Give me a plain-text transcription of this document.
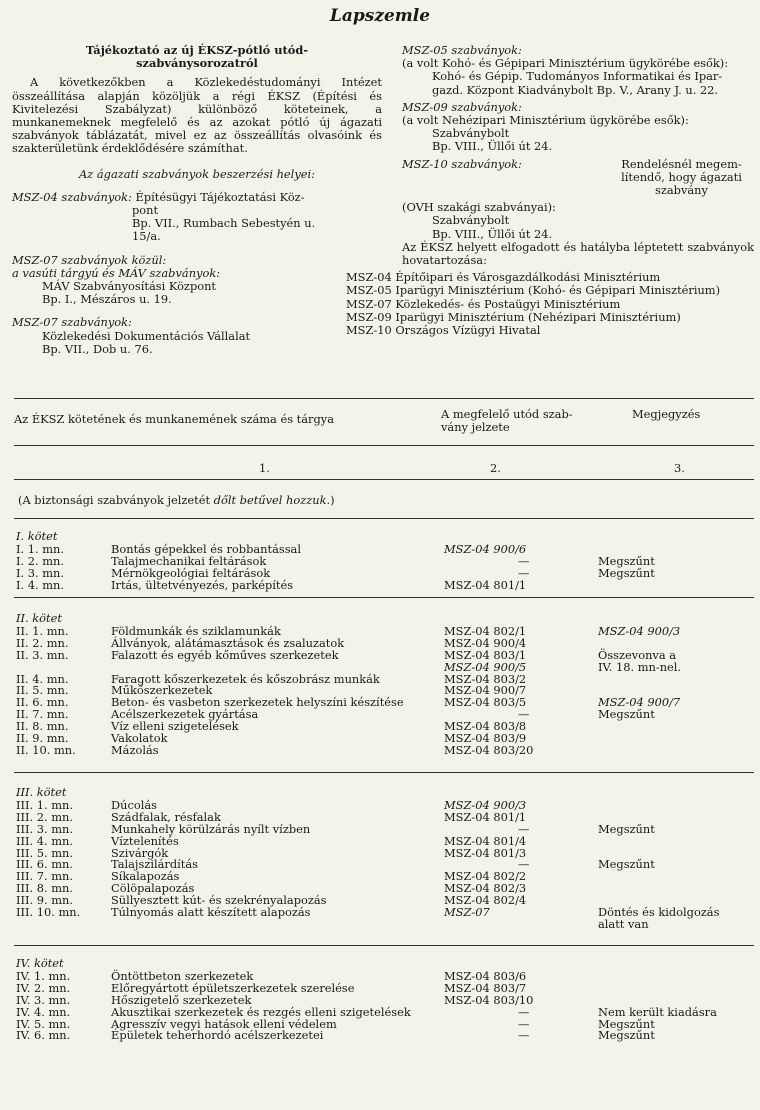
Lapszemle
Tájékoztató az új ÉKSZ-pótló utód-
szabványsorozatról
A következőkben a Közlekedéstudományi Intézet összeállítása alapján közöljük a régi ÉKSZ (Építési és Kivitelezési Szabályzat) különböző köteteinek, a munkanemeknek megfelelő és az azokat pótló új ágazati szabványok táblázatát, mivel ez az összeállítás olvasóink és szakterületünk érdeklődésére számíthat.
Az ágazati szabványok beszerzési helyei:
MSZ-04 szabványok: Építésügyi Tájékoztatási Köz-
pont
Bp. VII., Rumbach Sebestyén u.
15/a.
MSZ-07 szabványok közül:
a vasúti tárgyú és MÁV szabványok:
MÁV Szabványosítási Központ
Bp. I., Mészáros u. 19.
MSZ-07 szabványok:
Közlekedési Dokumentációs Vállalat
Bp. VII., Dob u. 76.
MSZ-05 szabványok:
(a volt Kohó- és Gépipari Minisztérium ügykörébe esők):
Kohó- és Gépip. Tudományos Informatikai és Ipar-
gazd. Központ Kiadványbolt Bp. V., Arany J. u. 22.
MSZ-09 szabványok:
(a volt Nehézipari Minisztérium ügykörébe esők):
Szabványbolt
Bp. VIII., Üllői út 24.
MSZ-10 szabványok:	Rendelésnél megem-
lítendő, hogy ágazati
szabvány
(OVH szakági szabványai):
Szabványbolt
Bp. VIII., Üllői út 24.
Az ÉKSZ helyett elfogadott és hatályba léptetett szabványok hovatartozása:
MSZ-04 Építőipari és Városgazdálkodási Minisztérium
MSZ-05 Iparügyi Minisztérium (Kohó- és Gépipari Minisztérium)
MSZ-07 Közlekedés- és Postaügyi Minisztérium
MSZ-09 Iparügyi Minisztérium (Nehézipari Minisztérium)
MSZ-10 Országos Vízügyi Hivatal
Az ÉKSZ kötetének és munkanemének száma és tárgya	A megfelelő utód szab-
vány jelzete
Megjegyzés
1.	2.	3.
(A biztonsági szabványok jelzetét dőlt betűvel hozzuk.)
I. kötet
I. 1. mn.	Bontás gépekkel és robbantással	MSZ-04 900/6
I. 2. mn.	Talajmechanikai feltárások	—	Megszűnt
I. 3. mn.	Mérnökgeológiai feltárások	—	Megszűnt
I. 4. mn.	Irtás, ültetvényezés, parképítés	MSZ-04 801/1
II. kötet
II. 1. mn.	Földmunkák és sziklamunkák	MSZ-04 802/1	MSZ-04 900/3
II. 2. mn.	Állványok, alátámasztások és zsaluzatok	MSZ-04 900/4
II. 3. mn.	Falazott és egyéb kőműves szerkezetek	MSZ-04 803/1	Összevonva a
MSZ-04 900/5	IV. 18. mn-nel.
II. 4. mn.	Faragott kőszerkezetek és kőszobrász munkák	MSZ-04 803/2
II. 5. mn.	Műkőszerkezetek	MSZ-04 900/7
II. 6. mn.	Beton- és vasbeton szerkezetek helyszíni készítése	MSZ-04 803/5	MSZ-04 900/7
II. 7. mn.	Acélszerkezetek gyártása	—	Megszűnt
II. 8. mn.	Víz elleni szigetelések	MSZ-04 803/8
II. 9. mn.	Vakolatok	MSZ-04 803/9
II. 10. mn.	Mázolás	MSZ-04 803/20
III. kötet
III. 1. mn.	Dúcolás	MSZ-04 900/3
III. 2. mn.	Szádfalak, résfalak	MSZ-04 801/1
III. 3. mn.	Munkahely körülzárás nyílt vízben	—	Megszűnt
III. 4. mn.	Víztelenítés	MSZ-04 801/4
III. 5. mn.	Szivárgók	MSZ-04 801/3
III. 6. mn.	Talajszilárdítás	—	Megszűnt
III. 7. mn.	Síkalapozás	MSZ-04 802/2
III. 8. mn.	Cölöpalapozás	MSZ-04 802/3
III. 9. mn.	Süllyesztett kút- és szekrényalapozás	MSZ-04 802/4
III. 10. mn.	Túlnyomás alatt készített alapozás	MSZ-07	Döntés és kidolgozás
alatt van
IV. kötet
IV. 1. mn.	Öntöttbeton szerkezetek	MSZ-04 803/6
IV. 2. mn.	Előregyártott épületszerkezetek szerelése	MSZ-04 803/7
IV. 3. mn.	Hőszigetelő szerkezetek	MSZ-04 803/10
IV. 4. mn.	Akusztikai szerkezetek és rezgés elleni szigetelések	—	Nem került kiadásra
IV. 5. mn.	Agresszív vegyi hatások elleni védelem	—	Megszűnt
IV. 6. mn.	Épületek teherhordó acélszerkezetei	—	Megszűnt
